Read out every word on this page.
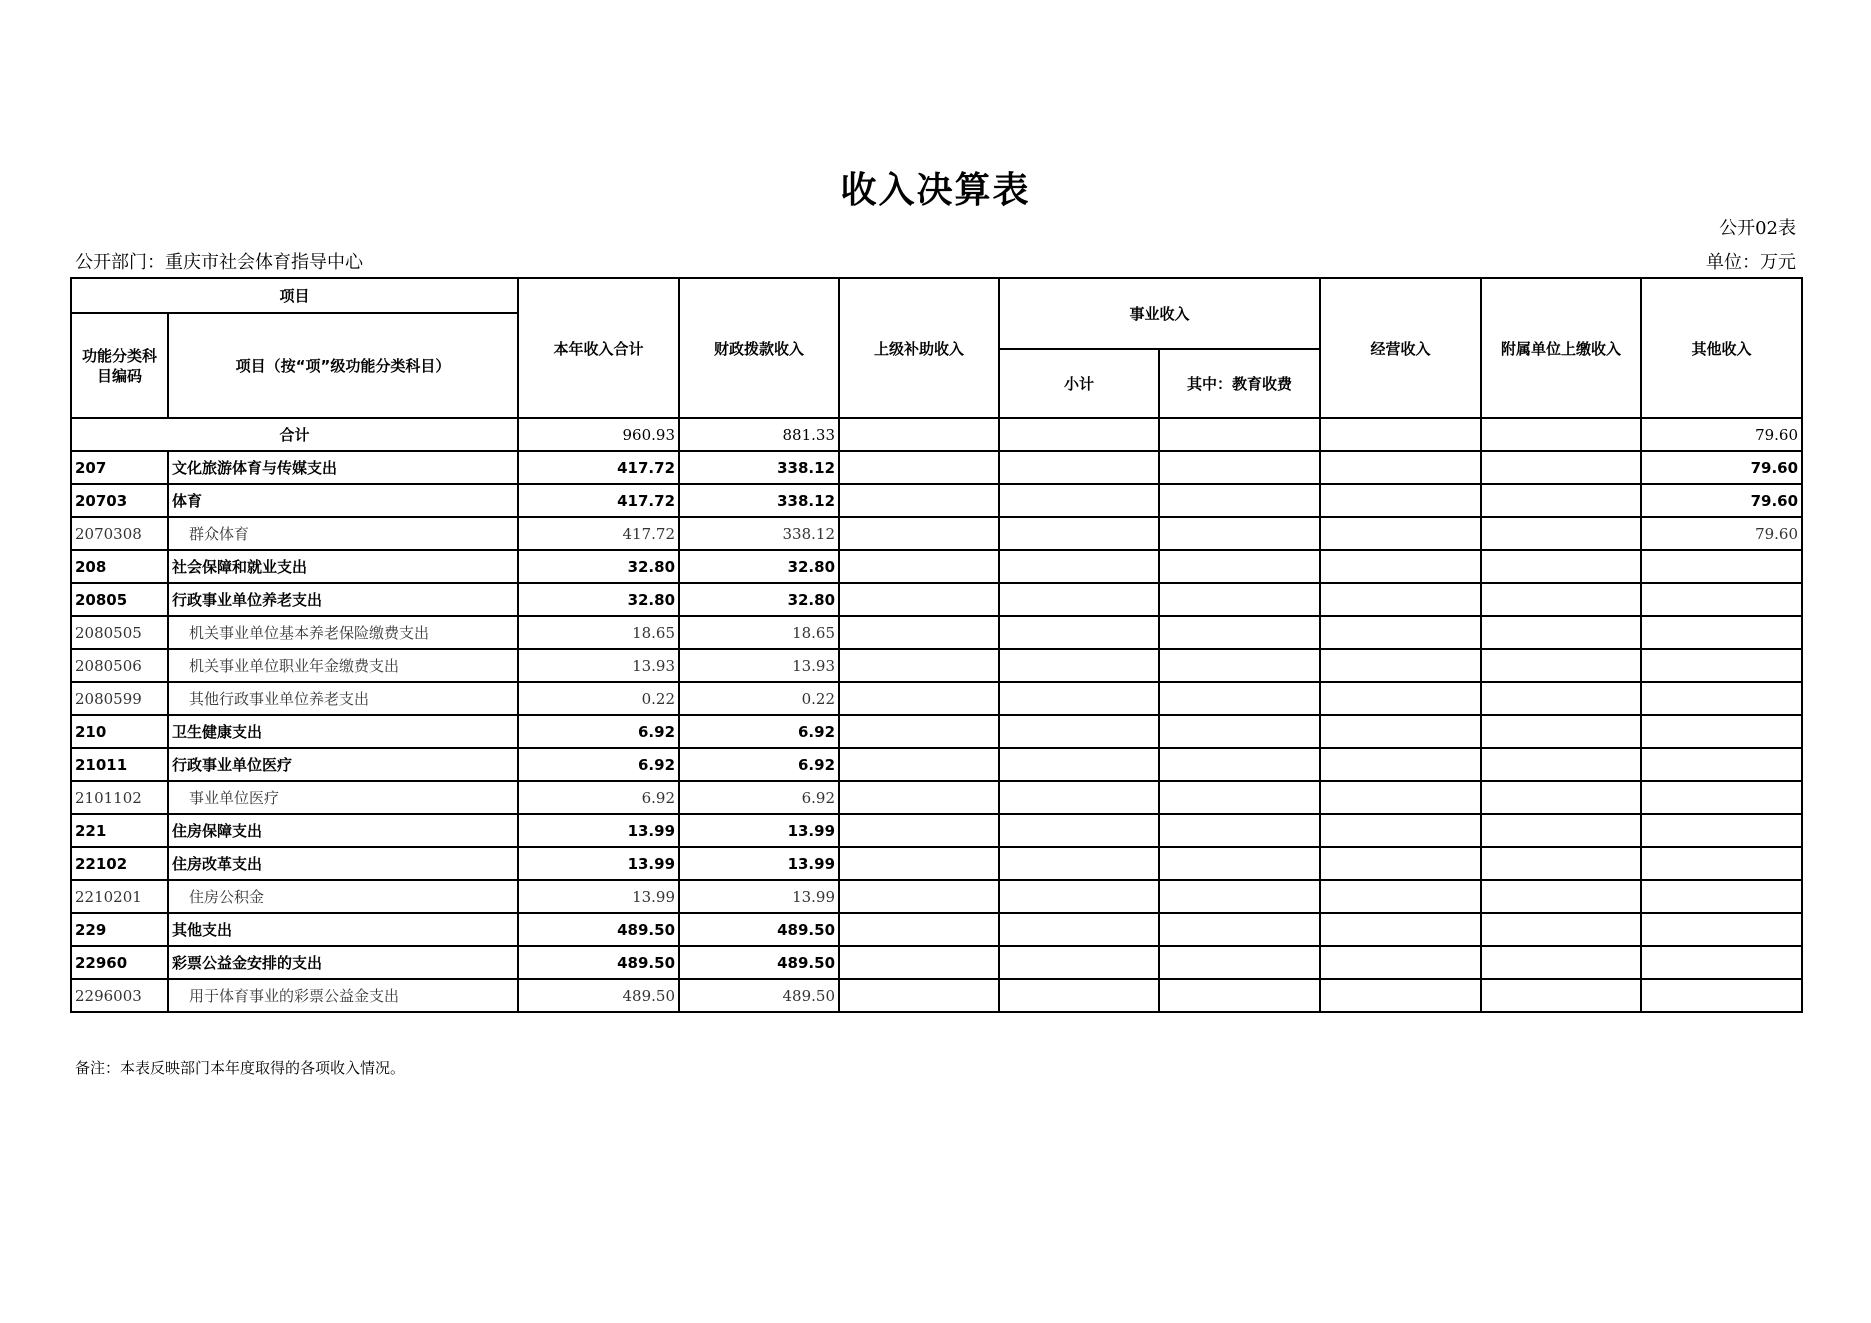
收入决算表
公开02表
公开部门：重庆市社会体育指导中心	单位：万元
项目		本年收入合计	财政拨款收入	上级补助收入	事业收入		经营收入	附属单位上缴收入	其他收入
功能分类科目编码	项目（按“项”级功能分类科目）								
					小计	其中：教育收费			
合计		960.93	881.33						79.60
207	文化旅游体育与传媒支出	417.72	338.12						79.60
20703	体育	417.72	338.12						79.60
2070308	群众体育	417.72	338.12						79.60
208	社会保障和就业支出	32.80	32.80						
20805	行政事业单位养老支出	32.80	32.80						
2080505	机关事业单位基本养老保险缴费支出	18.65	18.65						
2080506	机关事业单位职业年金缴费支出	13.93	13.93						
2080599	其他行政事业单位养老支出	0.22	0.22						
210	卫生健康支出	6.92	6.92						
21011	行政事业单位医疗	6.92	6.92						
2101102	事业单位医疗	6.92	6.92						
221	住房保障支出	13.99	13.99						
22102	住房改革支出	13.99	13.99						
2210201	住房公积金	13.99	13.99						
229	其他支出	489.50	489.50						
22960	彩票公益金安排的支出	489.50	489.50						
2296003	用于体育事业的彩票公益金支出	489.50	489.50						
备注：本表反映部门本年度取得的各项收入情况。
